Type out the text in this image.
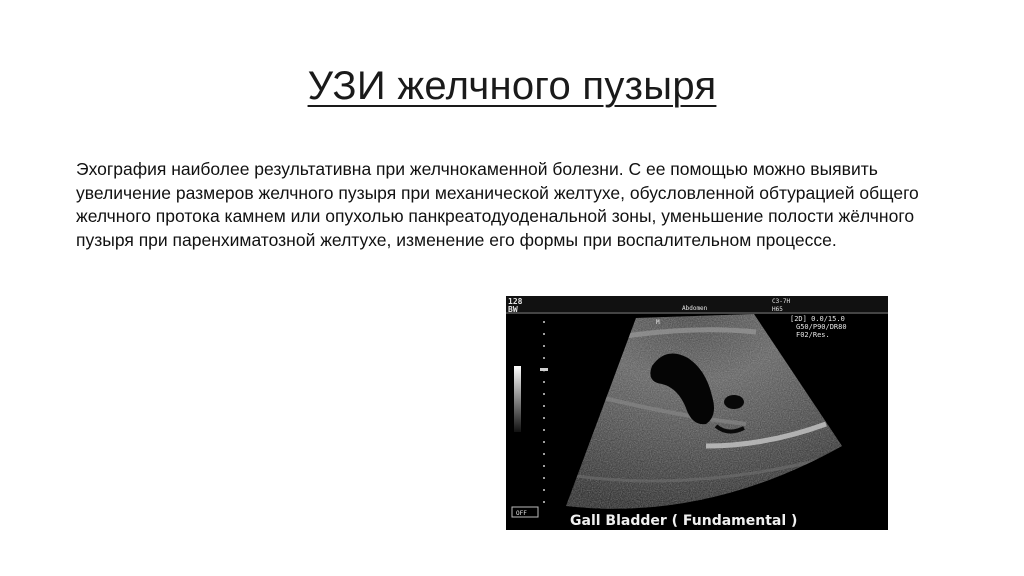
УЗИ желчного пузыря

Эхография наиболее результативна при желчнокаменной болезни. С ее помощью можно выявить увеличение размеров желчного пузыря при механической желтухе, обусловленной обтурацией общего желчного протока камнем или опухолью панкреатодуоденальной зоны, уменьшение полости жёлчного пузыря при паренхиматозной желтухе, изменение его формы при воспалительном процессе.

128
BW	Abdomen
C3-7H
H65
[2D] 0.0/15.0
G50/P90/DR80
F02/Res.
M
OFF	Gall Bladder ( Fundamental )
